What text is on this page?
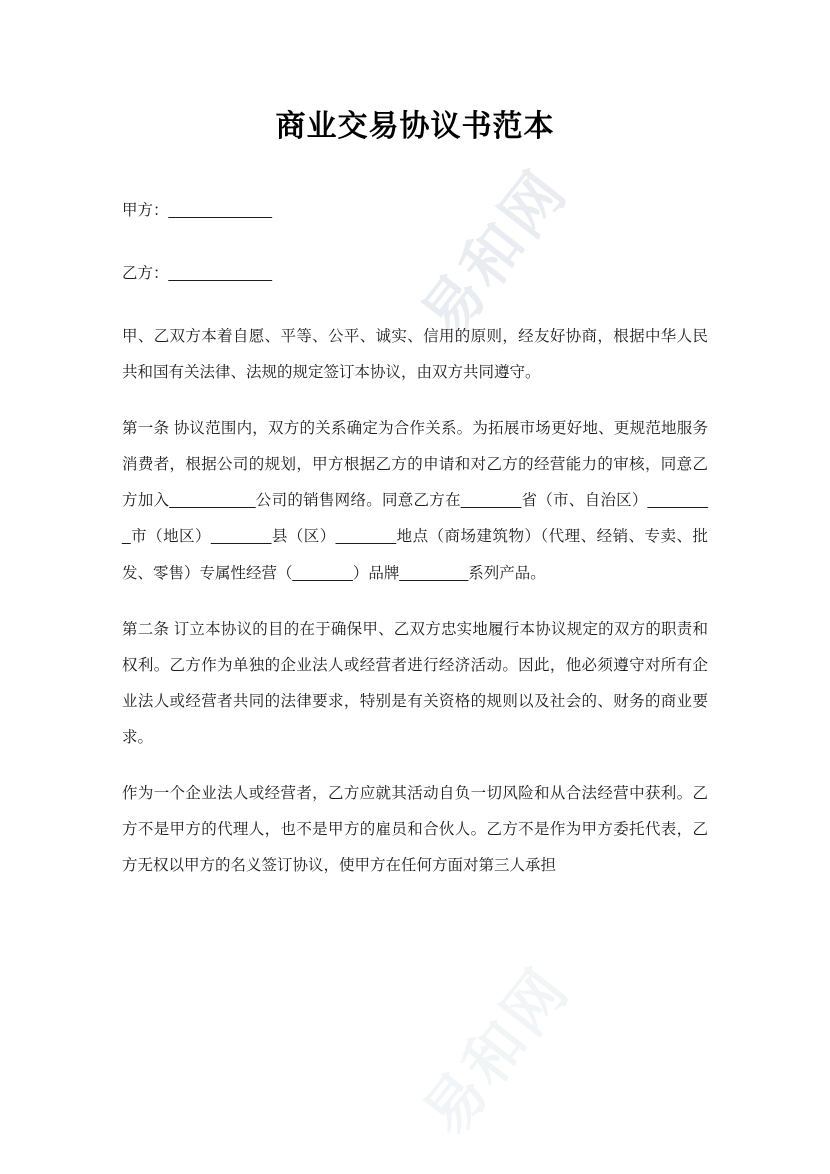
易和网
易和网
商业交易协议书范本

甲方：____________

乙方：____________

甲、乙双方本着自愿、平等、公平、诚实、信用的原则，经友好协商，根据中华人民共和国有关法律、法规的规定签订本协议，由双方共同遵守。

第一条 协议范围内，双方的关系确定为合作关系。为拓展市场更好地、更规范地服务消费者，根据公司的规划，甲方根据乙方的申请和对乙方的经营能力的审核，同意乙方加入__________公司的销售网络。同意乙方在_______省（市、自治区）________市（地区）_______县（区）_______地点（商场建筑物）（代理、经销、专卖、批发、零售）专属性经营（_______）品牌________系列产品。

第二条 订立本协议的目的在于确保甲、乙双方忠实地履行本协议规定的双方的职责和权利。乙方作为单独的企业法人或经营者进行经济活动。因此，他必须遵守对所有企业法人或经营者共同的法律要求，特别是有关资格的规则以及社会的、财务的商业要求。

作为一个企业法人或经营者，乙方应就其活动自负一切风险和从合法经营中获利。乙方不是甲方的代理人，也不是甲方的雇员和合伙人。乙方不是作为甲方委托代表，乙方无权以甲方的名义签订协议，使甲方在任何方面对第三人承担
